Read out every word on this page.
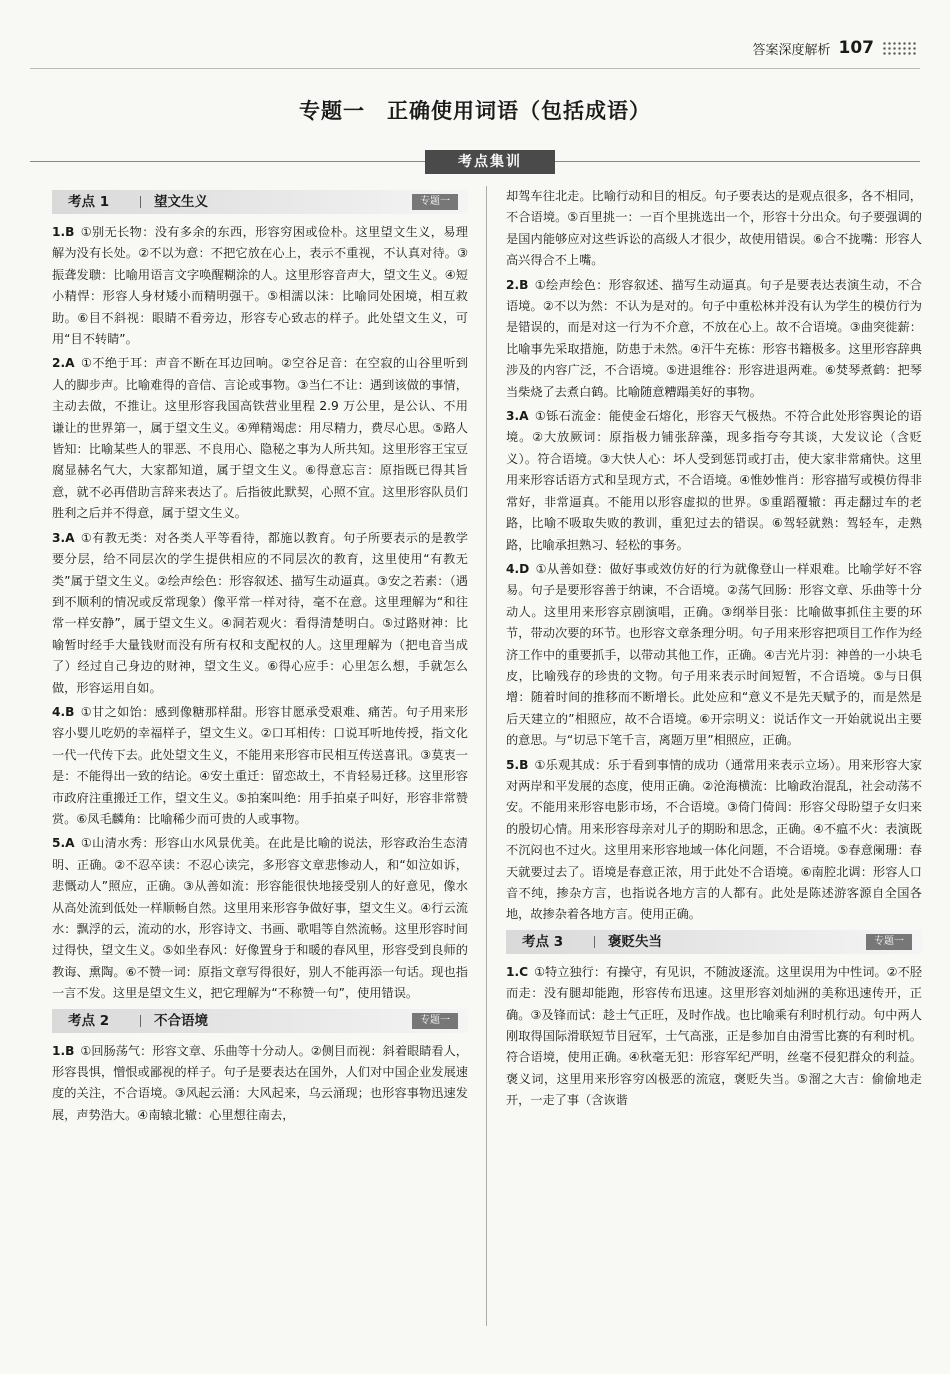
答案深度解析 107
专题一　正确使用词语（包括成语）
考点集训
考点 1	望文生义	专题一

1.B ①别无长物：没有多余的东西，形容穷困或俭朴。这里望文生义，易理解为没有长处。②不以为意：不把它放在心上，表示不重视，不认真对待。③振聋发聩：比喻用语言文字唤醒糊涂的人。这里形容音声大，望文生义。④短小精悍：形容人身材矮小而精明强干。⑤相濡以沫：比喻同处困境，相互救助。⑥目不斜视：眼睛不看旁边，形容专心致志的样子。此处望文生义，可用“目不转睛”。

2.A ①不绝于耳：声音不断在耳边回响。②空谷足音：在空寂的山谷里听到人的脚步声。比喻难得的音信、言论或事物。③当仁不让：遇到该做的事情，主动去做，不推让。这里形容我国高铁营业里程 2.9 万公里，是公认、不用谦让的世界第一，属于望文生义。④殚精竭虑：用尽精力，费尽心思。⑤路人皆知：比喻某些人的罪恶、不良用心、隐秘之事为人所共知。这里形容王宝豆腐显赫名气大，大家都知道，属于望文生义。⑥得意忘言：原指既已得其旨意，就不必再借助言辞来表达了。后指彼此默契，心照不宣。这里形容队员们胜利之后并不得意，属于望文生义。

3.A ①有教无类：对各类人平等看待，都施以教育。句子所要表示的是教学要分层，给不同层次的学生提供相应的不同层次的教育，这里使用“有教无类”属于望文生义。②绘声绘色：形容叙述、描写生动逼真。③安之若素：（遇到不顺利的情况或反常现象）像平常一样对待，毫不在意。这里理解为“和往常一样安静”，属于望文生义。④洞若观火：看得清楚明白。⑤过路财神：比喻暂时经手大量钱财而没有所有权和支配权的人。这里理解为（把电音当成了）经过自己身边的财神，望文生义。⑥得心应手：心里怎么想，手就怎么做，形容运用自如。

4.B ①甘之如饴：感到像糖那样甜。形容甘愿承受艰难、痛苦。句子用来形容小婴儿吃奶的幸福样子，望文生义。②口耳相传：口说耳听地传授，指文化一代一代传下去。此处望文生义，不能用来形容市民相互传送喜讯。③莫衷一是：不能得出一致的结论。④安土重迁：留恋故土，不肯轻易迁移。这里形容市政府注重搬迁工作，望文生义。⑤拍案叫绝：用手拍桌子叫好，形容非常赞赏。⑥凤毛麟角：比喻稀少而可贵的人或事物。

5.A ①山清水秀：形容山水风景优美。在此是比喻的说法，形容政治生态清明、正确。②不忍卒读：不忍心读完，多形容文章悲惨动人，和“如泣如诉，悲慨动人”照应，正确。③从善如流：形容能很快地接受别人的好意见，像水从高处流到低处一样顺畅自然。这里用来形容争做好事，望文生义。④行云流水：飘浮的云，流动的水，形容诗文、书画、歌唱等自然流畅。这里形容时间过得快，望文生义。⑤如坐春风：好像置身于和暖的春风里，形容受到良师的教诲、熏陶。⑥不赞一词：原指文章写得很好，别人不能再添一句话。现也指一言不发。这里是望文生义，把它理解为“不称赞一句”，使用错误。

考点 2	不合语境	专题一

1.B ①回肠荡气：形容文章、乐曲等十分动人。②侧目而视：斜着眼睛看人，形容畏惧，憎恨或鄙视的样子。句子是要表达在国外，人们对中国企业发展速度的关注，不合语境。③风起云涌：大风起来，乌云涌现；也形容事物迅速发展，声势浩大。④南辕北辙：心里想往南去，

却驾车往北走。比喻行动和目的相反。句子要表达的是观点很多，各不相同，不合语境。⑤百里挑一：一百个里挑选出一个，形容十分出众。句子要强调的是国内能够应对这些诉讼的高级人才很少，故使用错误。⑥合不拢嘴：形容人高兴得合不上嘴。

2.B ①绘声绘色：形容叙述、描写生动逼真。句子是要表达表演生动，不合语境。②不以为然：不认为是对的。句子中重松林并没有认为学生的模仿行为是错误的，而是对这一行为不介意，不放在心上。故不合语境。③曲突徙薪：比喻事先采取措施，防患于未然。④汗牛充栋：形容书籍极多。这里形容辞典涉及的内容广泛，不合语境。⑤进退维谷：形容进退两难。⑥焚琴煮鹤：把琴当柴烧了去煮白鹤。比喻随意糟蹋美好的事物。

3.A ①铄石流金：能使金石熔化，形容天气极热。不符合此处形容舆论的语境。②大放厥词：原指极力铺张辞藻，现多指夸夸其谈，大发议论（含贬义）。符合语境。③大快人心：坏人受到惩罚或打击，使大家非常痛快。这里用来形容话语方式和呈现方式，不合语境。④惟妙惟肖：形容描写或模仿得非常好，非常逼真。不能用以形容虚拟的世界。⑤重蹈覆辙：再走翻过车的老路，比喻不吸取失败的教训，重犯过去的错误。⑥驾轻就熟：驾轻车，走熟路，比喻承担熟习、轻松的事务。

4.D ①从善如登：做好事或效仿好的行为就像登山一样艰难。比喻学好不容易。句子是要形容善于纳谏，不合语境。②荡气回肠：形容文章、乐曲等十分动人。这里用来形容京剧演唱，正确。③纲举目张：比喻做事抓住主要的环节，带动次要的环节。也形容文章条理分明。句子用来形容把项目工作作为经济工作中的重要抓手，以带动其他工作，正确。④吉光片羽：神兽的一小块毛皮，比喻残存的珍贵的文物。句子用来表示时间短暂，不合语境。⑤与日俱增：随着时间的推移而不断增长。此处应和“意义不是先天赋予的，而是然是后天建立的”相照应，故不合语境。⑥开宗明义：说话作文一开始就说出主要的意思。与“切忌下笔千言，离题万里”相照应，正确。

5.B ①乐观其成：乐于看到事情的成功（通常用来表示立场）。用来形容大家对两岸和平发展的态度，使用正确。②沧海横流：比喻政治混乱，社会动荡不安。不能用来形容电影市场，不合语境。③倚门倚闾：形容父母盼望子女归来的殷切心情。用来形容母亲对儿子的期盼和思念，正确。④不瘟不火：表演既不沉闷也不过火。这里用来形容地域一体化问题，不合语境。⑤春意阑珊：春天就要过去了。语境是春意正浓，用于此处不合语境。⑥南腔北调：形容人口音不纯，掺杂方言，也指说各地方言的人都有。此处是陈述游客源自全国各地，故掺杂着各地方言。使用正确。

考点 3	褒贬失当	专题一

1.C ①特立独行：有操守，有见识，不随波逐流。这里误用为中性词。②不胫而走：没有腿却能跑，形容传布迅速。这里形容刘灿洲的美称迅速传开，正确。③及锋而试：趁士气正旺，及时作战。也比喻乘有利时机行动。句中两人刚取得国际滑联短节目冠军，士气高涨，正是参加自由滑雪比赛的有利时机。符合语境，使用正确。④秋毫无犯：形容军纪严明，丝毫不侵犯群众的利益。褒义词，这里用来形容穷凶极恶的流寇，褒贬失当。⑤溜之大吉：偷偷地走开，一走了事（含诙谐
